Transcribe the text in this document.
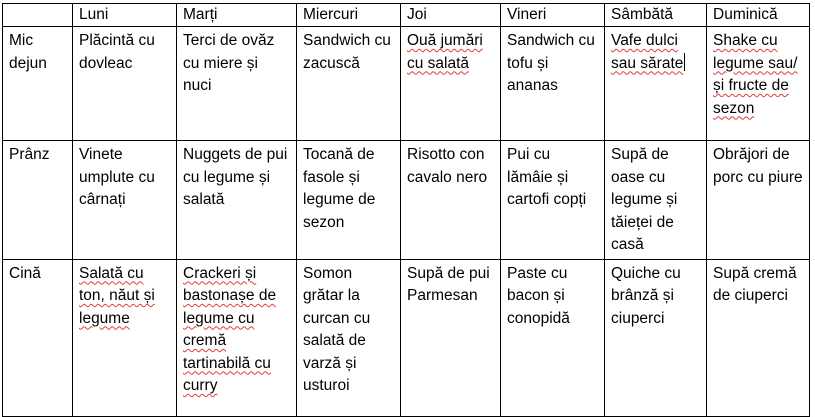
	Luni	Marți	Miercuri	Joi	Vineri	Sâmbătă	Duminică
Mic dejun	Plăcintă cu dovleac	Terci de ovăz cu miere și nuci	Sandwich cu zacuscă	Ouă jumări cu salată	Sandwich cu tofu și ananas	Vafe dulci sau sărate	Shake cu legume sau/și fructe de sezon
Prânz	Vinete umplute cu cârnați	Nuggets de pui cu legume și salată	Tocană de fasole și legume de sezon	Risotto con cavalo nero	Pui cu lămâie și cartofi copți	Supă de oase cu legume și tăieței de casă	Obrăjori de porc cu piure
Cină	Salată cu ton, năut și legume	Crackeri și bastonașe de legume cu cremă tartinabilă cu curry	Somon grătar la curcan cu salată de varză și usturoi	Supă de pui Parmesan	Paste cu bacon și conopidă	Quiche cu brânză și ciuperci	Supă cremă de ciuperci
